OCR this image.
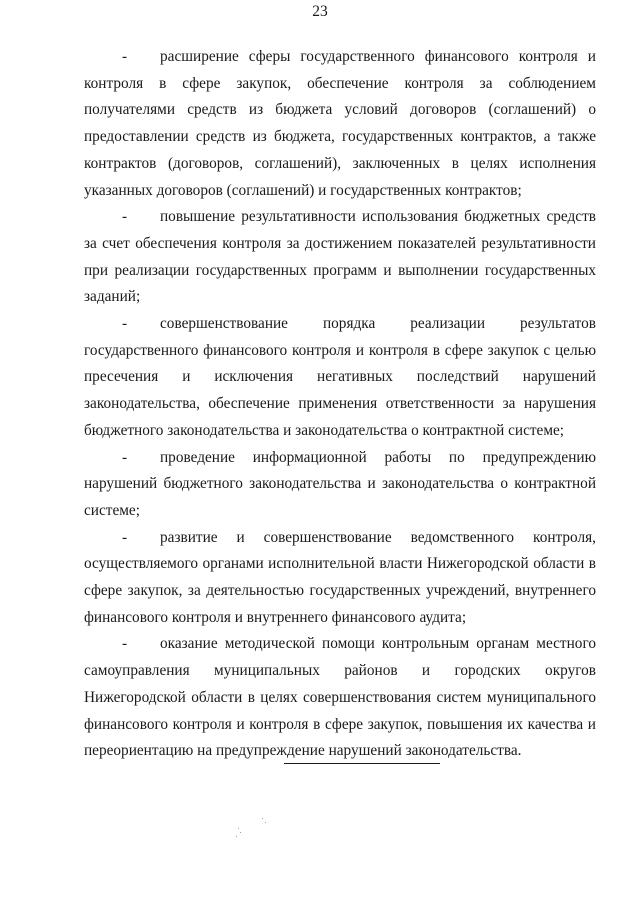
23

- расширение сферы государственного финансового контроля и контроля в сфере закупок, обеспечение контроля за соблюдением получателями средств из бюджета условий договоров (соглашений) о предоставлении средств из бюджета, государственных контрактов, а также контрактов (договоров, соглашений), заключенных в целях исполнения указанных договоров (соглашений) и государственных контрактов;

- повышение результативности использования бюджетных средств за счет обеспечения контроля за достижением показателей результативности при реализации государственных программ и выполнении государственных заданий;

- совершенствование порядка реализации результатов государственного финансового контроля и контроля в сфере закупок с целью пресечения и исключения негативных последствий нарушений законодательства, обеспечение применения ответственности за нарушения бюджетного законодательства и законодательства о контрактной системе;

- проведение информационной работы по предупреждению нарушений бюджетного законодательства и законодательства о контрактной системе;

- развитие и совершенствование ведомственного контроля, осуществляемого органами исполнительной власти Нижегородской области в сфере закупок, за деятельностью государственных учреждений, внутреннего финансового контроля и внутреннего финансового аудита;

- оказание методической помощи контрольным органам местного самоуправления муниципальных районов и городских округов Нижегородской области в целях совершенствования систем муниципального финансового контроля и контроля в сфере закупок, повышения их качества и переориентацию на предупреждение нарушений законодательства.
